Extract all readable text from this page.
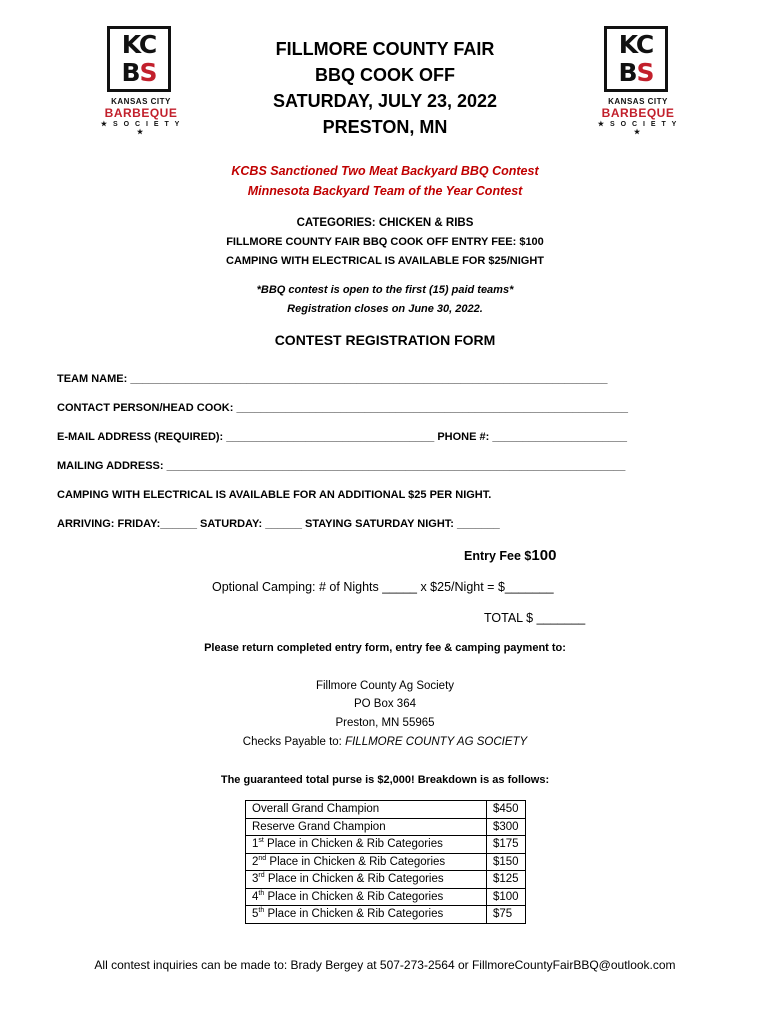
KC
BS
KANSAS CITY
BARBEQUE
★ S O C I E T Y ★
KC
BS
KANSAS CITY
BARBEQUE
★ S O C I E T Y ★
FILLMORE COUNTY FAIR
BBQ COOK OFF
SATURDAY, JULY 23, 2022
PRESTON, MN
KCBS Sanctioned Two Meat Backyard BBQ Contest
Minnesota Backyard Team of the Year Contest
CATEGORIES: CHICKEN & RIBS
FILLMORE COUNTY FAIR BBQ COOK OFF ENTRY FEE: $100
CAMPING WITH ELECTRICAL IS AVAILABLE FOR $25/NIGHT
*BBQ contest is open to the first (15) paid teams*
Registration closes on June 30, 2022.
CONTEST REGISTRATION FORM
TEAM NAME: ______________________________________________________________________________
CONTACT PERSON/HEAD COOK: ________________________________________________________________
E-MAIL ADDRESS (REQUIRED): __________________________________ PHONE #: ______________________
MAILING ADDRESS: ___________________________________________________________________________
CAMPING WITH ELECTRICAL IS AVAILABLE FOR AN ADDITIONAL $25 PER NIGHT.
ARRIVING: FRIDAY:______ SATURDAY: ______ STAYING SATURDAY NIGHT: _______
Entry Fee $100
Optional Camping: # of Nights _____ x $25/Night = $_______
TOTAL $ _______
Please return completed entry form, entry fee & camping payment to:
Fillmore County Ag Society
PO Box 364
Preston, MN 55965
Checks Payable to: FILLMORE COUNTY AG SOCIETY
The guaranteed total purse is $2,000! Breakdown is as follows:
Overall Grand Champion	$450
Reserve Grand Champion	$300
1st Place in Chicken & Rib Categories	$175
2nd Place in Chicken & Rib Categories	$150
3rd Place in Chicken & Rib Categories	$125
4th Place in Chicken & Rib Categories	$100
5th Place in Chicken & Rib Categories	$75
All contest inquiries can be made to: Brady Bergey at 507-273-2564 or FillmoreCountyFairBBQ@outlook.com
